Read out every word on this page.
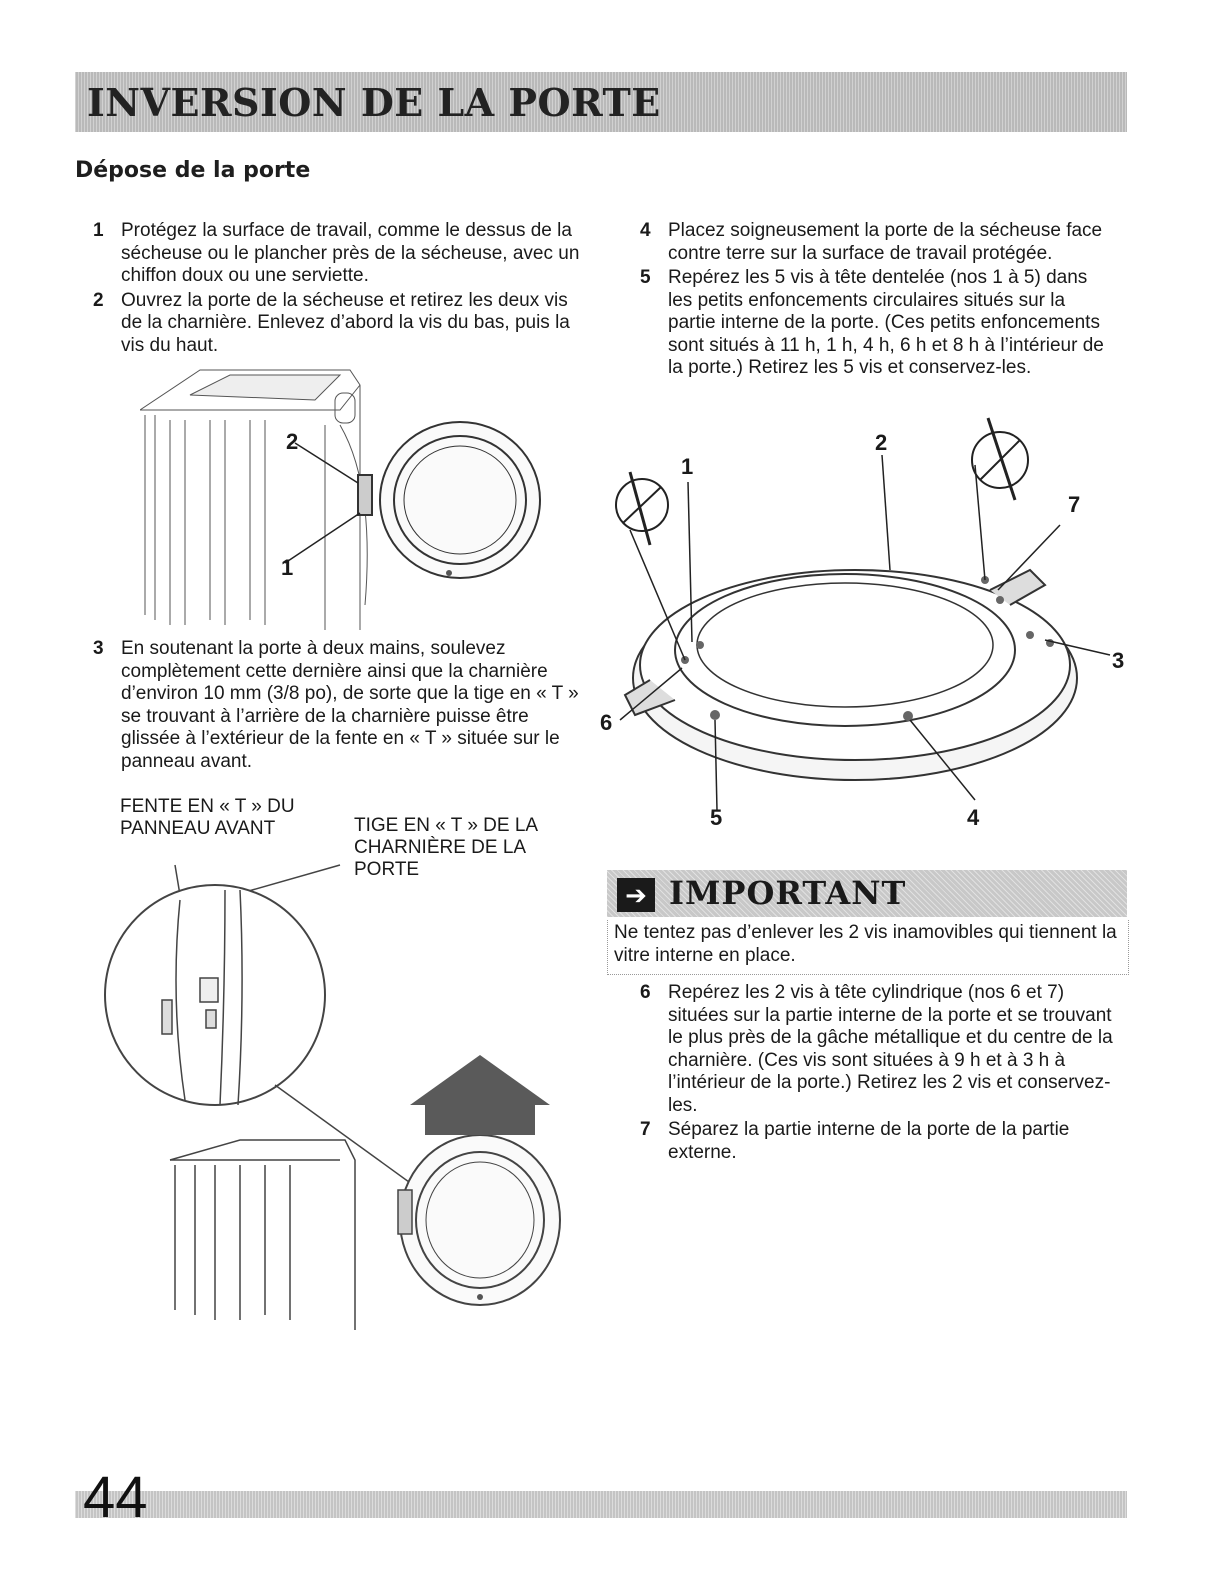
INVERSION DE LA PORTE
Dépose de la porte
1 Protégez la surface de travail, comme le dessus de la sécheuse ou le plancher près de la sécheuse, avec un chiffon doux ou une serviette.
2 Ouvrez la porte de la sécheuse et retirez les deux vis de la charnière. Enlevez d’abord la vis du bas, puis la vis du haut.
2
1
3 En soutenant la porte à deux mains, soulevez complètement cette dernière ainsi que la charnière d’environ 10 mm (3/8 po), de sorte que la tige en « T » se trouvant à l’arrière de la charnière puisse être glissée à l’extérieur de la fente en « T » située sur le panneau avant.
FENTE EN « T » DU
PANNEAU AVANT	TIGE EN « T » DE LA
CHARNIÈRE DE LA
PORTE
4 Placez soigneusement la porte de la sécheuse face contre terre sur la surface de travail protégée.
5 Repérez les 5 vis à tête dentelée (nos 1 à 5) dans les petits enfoncements circulaires situés sur la partie interne de la porte. (Ces petits enfoncements sont situés à 11 h, 1 h, 4 h, 6 h et 8 h à l’intérieur de la porte.) Retirez les 5 vis et conservez-les.
1
2
7
3
6
5	4
➔ IMPORTANT
Ne tentez pas d’enlever les 2 vis inamovibles qui tiennent la vitre interne en place.
6 Repérez les 2 vis à tête cylindrique (nos 6 et 7) situées sur la partie interne de la porte et se trouvant le plus près de la gâche métallique et du centre de la charnière. (Ces vis sont situées à 9 h et à 3 h à l’intérieur de la porte.) Retirez les 2 vis et conservez-les.
7 Séparez la partie interne de la porte de la partie externe.
44
